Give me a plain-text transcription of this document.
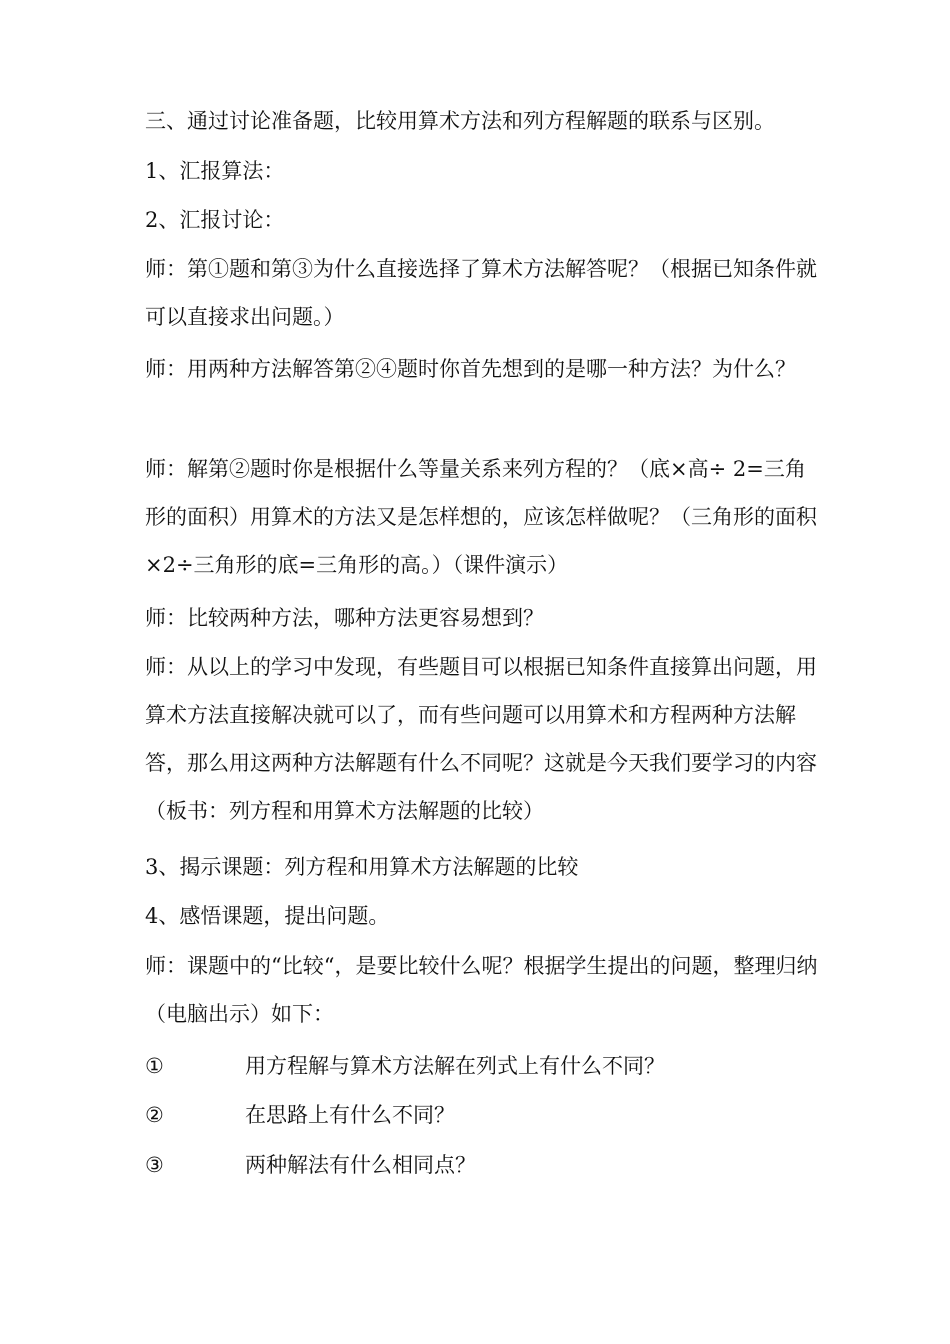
三、通过讨论准备题，比较用算术方法和列方程解题的联系与区别。

1、汇报算法：

2、汇报讨论：

师：第①题和第③为什么直接选择了算术方法解答呢？（根据已知条件就可以直接求出问题。）

师：用两种方法解答第②④题时你首先想到的是哪一种方法？为什么？

师：解第②题时你是根据什么等量关系来列方程的？（底×高÷ 2=三角形的面积）用算术的方法又是怎样想的，应该怎样做呢？（三角形的面积×2÷三角形的底=三角形的高。）（课件演示）

师：比较两种方法，哪种方法更容易想到？

师：从以上的学习中发现，有些题目可以根据已知条件直接算出问题，用算术方法直接解决就可以了，而有些问题可以用算术和方程两种方法解答，那么用这两种方法解题有什么不同呢？这就是今天我们要学习的内容（板书：列方程和用算术方法解题的比较）

3、揭示课题：列方程和用算术方法解题的比较

4、感悟课题，提出问题。

师：课题中的“比较“，是要比较什么呢？根据学生提出的问题，整理归纳（电脑出示）如下：

①	用方程解与算术方法解在列式上有什么不同？
②	在思路上有什么不同？
③	两种解法有什么相同点？
